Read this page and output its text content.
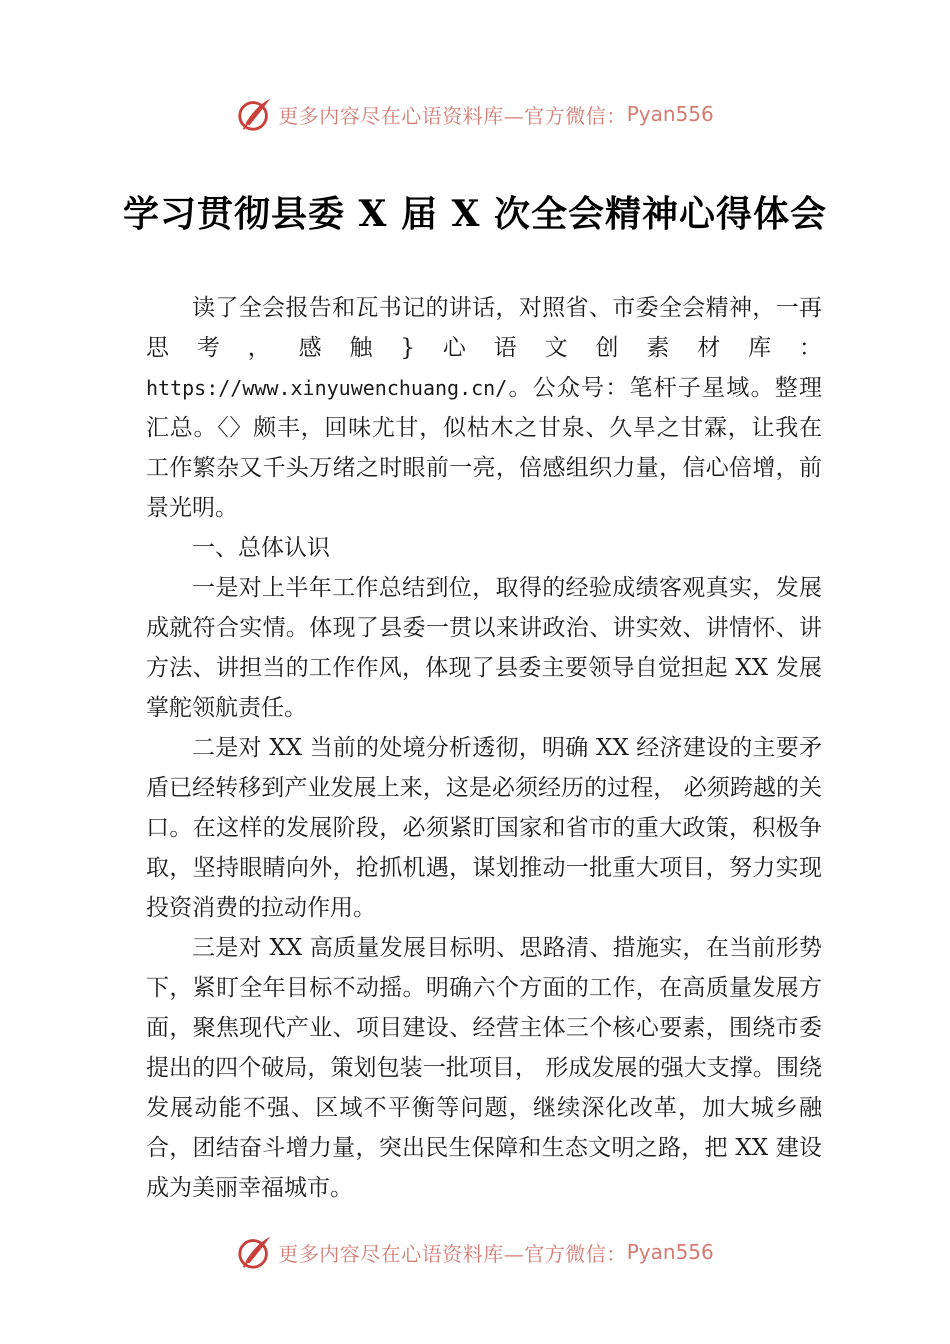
更多内容尽在心语资料库—官方微信： Pyan556
学习贯彻县委 X 届 X 次全会精神心得体会

读了全会报告和瓦书记的讲话，对照省、市委全会精神，一再思考，感触}心语文创素材库：https://www.xinyuwenchuang.cn/。公众号：笔杆子星域。整理汇总。〈〉颇丰，回味尤甘，似枯木之甘泉、久旱之甘霖，让我在工作繁杂又千头万绪之时眼前一亮，倍感组织力量，信心倍增，前景光明。

一、总体认识

一是对上半年工作总结到位，取得的经验成绩客观真实，发展成就符合实情。体现了县委一贯以来讲政治、讲实效、讲情怀、讲方法、讲担当的工作作风，体现了县委主要领导自觉担起 XX 发展掌舵领航责任。

二是对 XX 当前的处境分析透彻，明确 XX 经济建设的主要矛盾已经转移到产业发展上来，这是必须经历的过程， 必须跨越的关口。在这样的发展阶段，必须紧盯国家和省市的重大政策，积极争取，坚持眼睛向外，抢抓机遇，谋划推动一批重大项目，努力实现投资消费的拉动作用。

三是对 XX 高质量发展目标明、思路清、措施实，在当前形势下，紧盯全年目标不动摇。明确六个方面的工作，在高质量发展方面，聚焦现代产业、项目建设、经营主体三个核心要素，围绕市委提出的四个破局，策划包装一批项目， 形成发展的强大支撑。围绕发展动能不强、区域不平衡等问题，继续深化改革，加大城乡融合，团结奋斗增力量，突出民生保障和生态文明之路，把 XX 建设成为美丽幸福城市。

更多内容尽在心语资料库—官方微信： Pyan556
